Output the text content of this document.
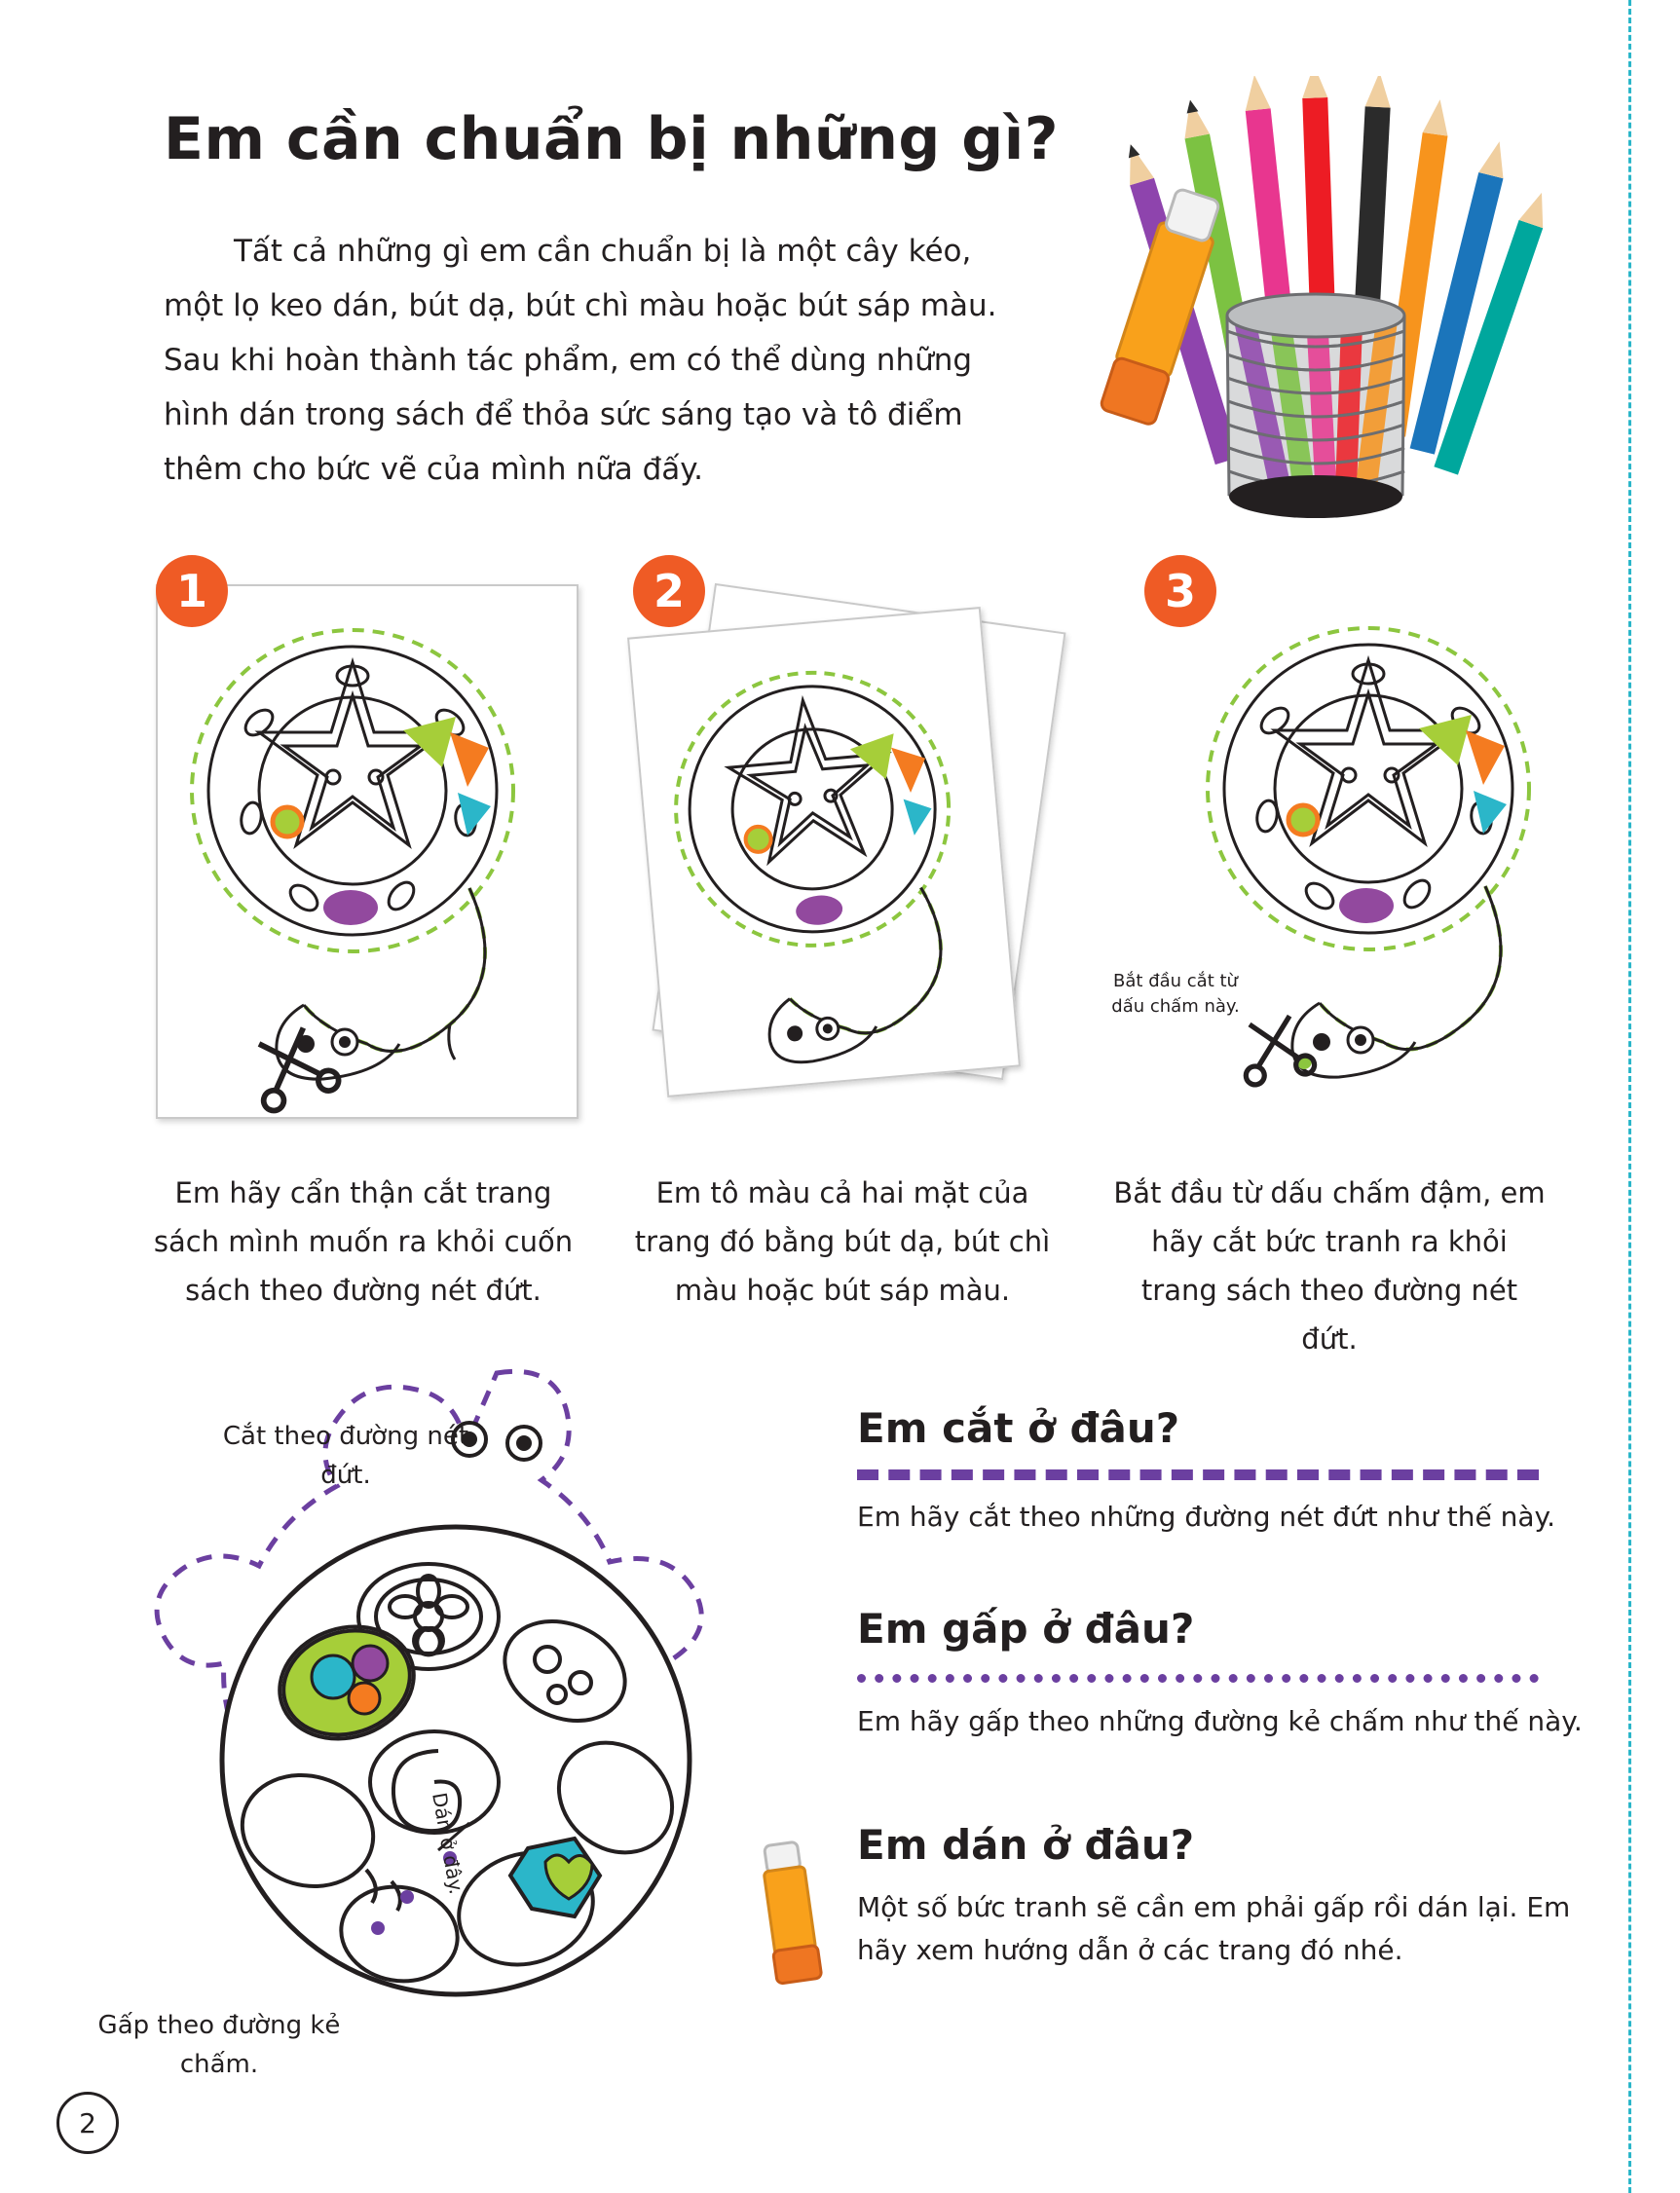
Em cần chuẩn bị những gì?
Tất cả những gì em cần chuẩn bị là một cây kéo, một lọ keo dán, bút dạ, bút chì màu hoặc bút sáp màu. Sau khi hoàn thành tác phẩm, em có thể dùng những hình dán trong sách để thỏa sức sáng tạo và tô điểm thêm cho bức vẽ của mình nữa đấy.
1	2
Bắt đầu cắt từ dấu chấm này.
3
Em hãy cẩn thận cắt trang sách mình muốn ra khỏi cuốn sách theo đường nét đứt.
Em tô màu cả hai mặt của trang đó bằng bút dạ, bút chì màu hoặc bút sáp màu.
Bắt đầu từ dấu chấm đậm, em hãy cắt bức tranh ra khỏi trang sách theo đường nét đứt.
Cắt theo đường nét đứt.
Gấp theo đường kẻ chấm.
Dán ở đây.
Em cắt ở đâu?

Em hãy cắt theo những đường nét đứt như thế này.

Em gấp ở đâu?

Em hãy gấp theo những đường kẻ chấm như thế này.

Em dán ở đâu?

Một số bức tranh sẽ cần em phải gấp rồi dán lại. Em hãy xem hướng dẫn ở các trang đó nhé.

2
